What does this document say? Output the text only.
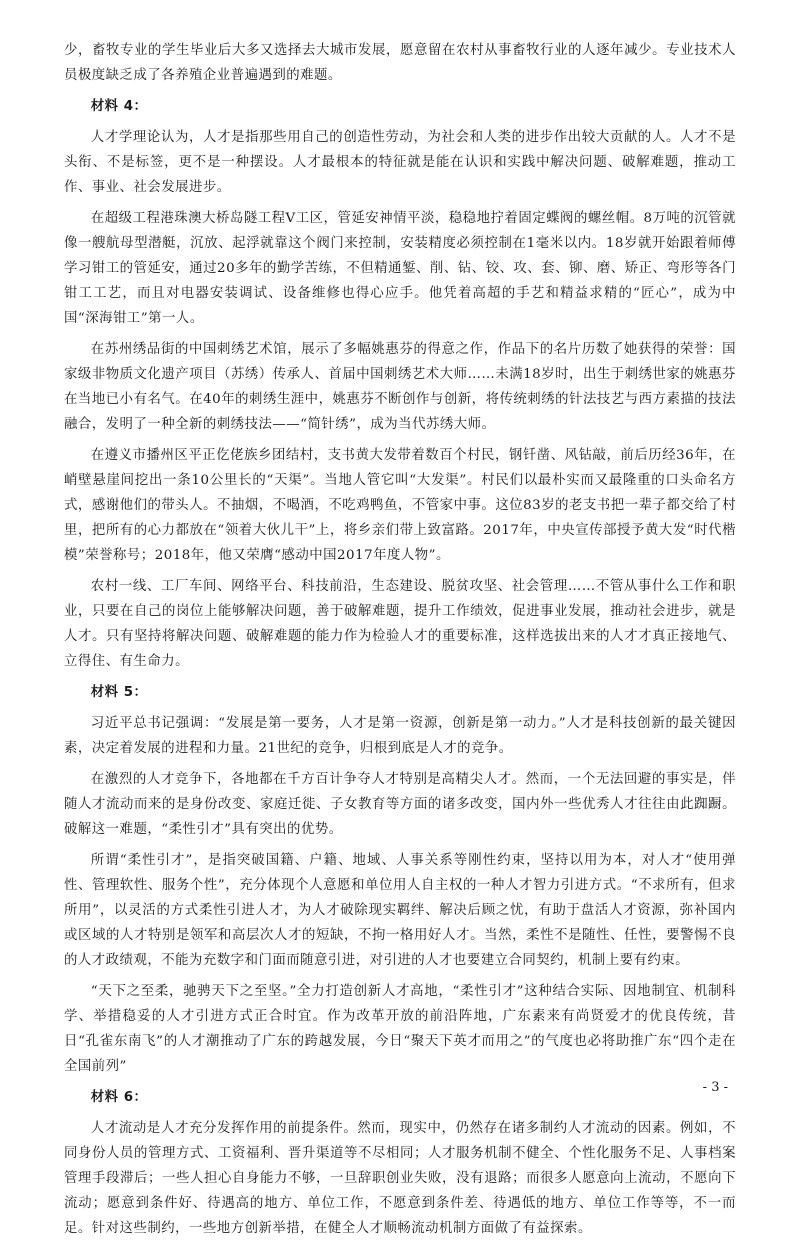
少，畜牧专业的学生毕业后大多又选择去大城市发展，愿意留在农村从事畜牧行业的人逐年减少。专业技术人员极度缺乏成了各养殖企业普遍遇到的难题。

材料 4：

人才学理论认为，人才是指那些用自己的创造性劳动，为社会和人类的进步作出较大贡献的人。人才不是头衔、不是标签，更不是一种摆设。人才最根本的特征就是能在认识和实践中解决问题、破解难题，推动工作、事业、社会发展进步。

在超级工程港珠澳大桥岛隧工程Ⅴ工区，管延安神情平淡，稳稳地拧着固定蝶阀的螺丝帽。8万吨的沉管就像一艘航母型潜艇，沉放、起浮就靠这个阀门来控制，安装精度必须控制在1毫米以内。18岁就开始跟着师傅学习钳工的管延安，通过20多年的勤学苦练，不但精通錾、削、钻、铰、攻、套、铆、磨、矫正、弯形等各门钳工工艺，而且对电器安装调试、设备维修也得心应手。他凭着高超的手艺和精益求精的“匠心”，成为中国“深海钳工”第一人。

在苏州绣品街的中国刺绣艺术馆，展示了多幅姚惠芬的得意之作，作品下的名片历数了她获得的荣誉：国家级非物质文化遗产项目（苏绣）传承人、首届中国刺绣艺术大师……未满18岁时，出生于刺绣世家的姚惠芬在当地已小有名气。在40年的刺绣生涯中，姚惠芬不断创作与创新，将传统刺绣的针法技艺与西方素描的技法融合，发明了一种全新的刺绣技法——“简针绣”，成为当代苏绣大师。

在遵义市播州区平正仡佬族乡团结村，支书黄大发带着数百个村民，钢钎凿、风钻敲，前后历经36年，在峭壁悬崖间挖出一条10公里长的“天渠”。当地人管它叫“大发渠”。村民们以最朴实而又最隆重的口头命名方式，感谢他们的带头人。不抽烟，不喝酒，不吃鸡鸭鱼，不管家中事。这位83岁的老支书把一辈子都交给了村里，把所有的心力都放在“领着大伙儿干”上，将乡亲们带上致富路。2017年，中央宣传部授予黄大发“时代楷模”荣誉称号；2018年，他又荣膺“感动中国2017年度人物”。

农村一线、工厂车间、网络平台、科技前沿，生态建设、脱贫攻坚、社会管理……不管从事什么工作和职业，只要在自己的岗位上能够解决问题，善于破解难题，提升工作绩效，促进事业发展，推动社会进步，就是人才。只有坚持将解决问题、破解难题的能力作为检验人才的重要标准，这样选拔出来的人才才真正接地气、立得住、有生命力。

材料 5：

习近平总书记强调：“发展是第一要务，人才是第一资源，创新是第一动力。”人才是科技创新的最关键因素，决定着发展的进程和力量。21世纪的竞争，归根到底是人才的竞争。

在激烈的人才竞争下，各地都在千方百计争夺人才特别是高精尖人才。然而，一个无法回避的事实是，伴随人才流动而来的是身份改变、家庭迁徙、子女教育等方面的诸多改变，国内外一些优秀人才往往由此踟蹰。破解这一难题，“柔性引才”具有突出的优势。

所谓“柔性引才”，是指突破国籍、户籍、地域、人事关系等刚性约束，坚持以用为本，对人才“使用弹性、管理软性、服务个性”，充分体现个人意愿和单位用人自主权的一种人才智力引进方式。“不求所有，但求所用”，以灵活的方式柔性引进人才，为人才破除现实羁绊、解决后顾之忧，有助于盘活人才资源，弥补国内或区域的人才特别是领军和高层次人才的短缺，不拘一格用好人才。当然，柔性不是随性、任性，要警惕不良的人才政绩观，不能为充数字和门面而随意引进，对引进的人才也要建立合同契约，机制上要有约束。

“天下之至柔，驰骋天下之至坚。”全力打造创新人才高地，“柔性引才”这种结合实际、因地制宜、机制科学、举措稳妥的人才引进方式正合时宜。作为改革开放的前沿阵地，广东素来有尚贤爱才的优良传统，昔日“孔雀东南飞”的人才潮推动了广东的跨越发展，今日“聚天下英才而用之”的气度也必将助推广东“四个走在全国前列”

材料 6：

人才流动是人才充分发挥作用的前提条件。然而，现实中，仍然存在诸多制约人才流动的因素。例如，不同身份人员的管理方式、工资福利、晋升渠道等不尽相同；人才服务机制不健全、个性化服务不足、人事档案管理手段滞后；一些人担心自身能力不够，一旦辞职创业失败，没有退路；而很多人愿意向上流动，不愿向下流动；愿意到条件好、待遇高的地方、单位工作，不愿意到条件差、待遇低的地方、单位工作等等，不一而足。针对这些制约，一些地方创新举措，在健全人才顺畅流动机制方面做了有益探索。

- 3 -
